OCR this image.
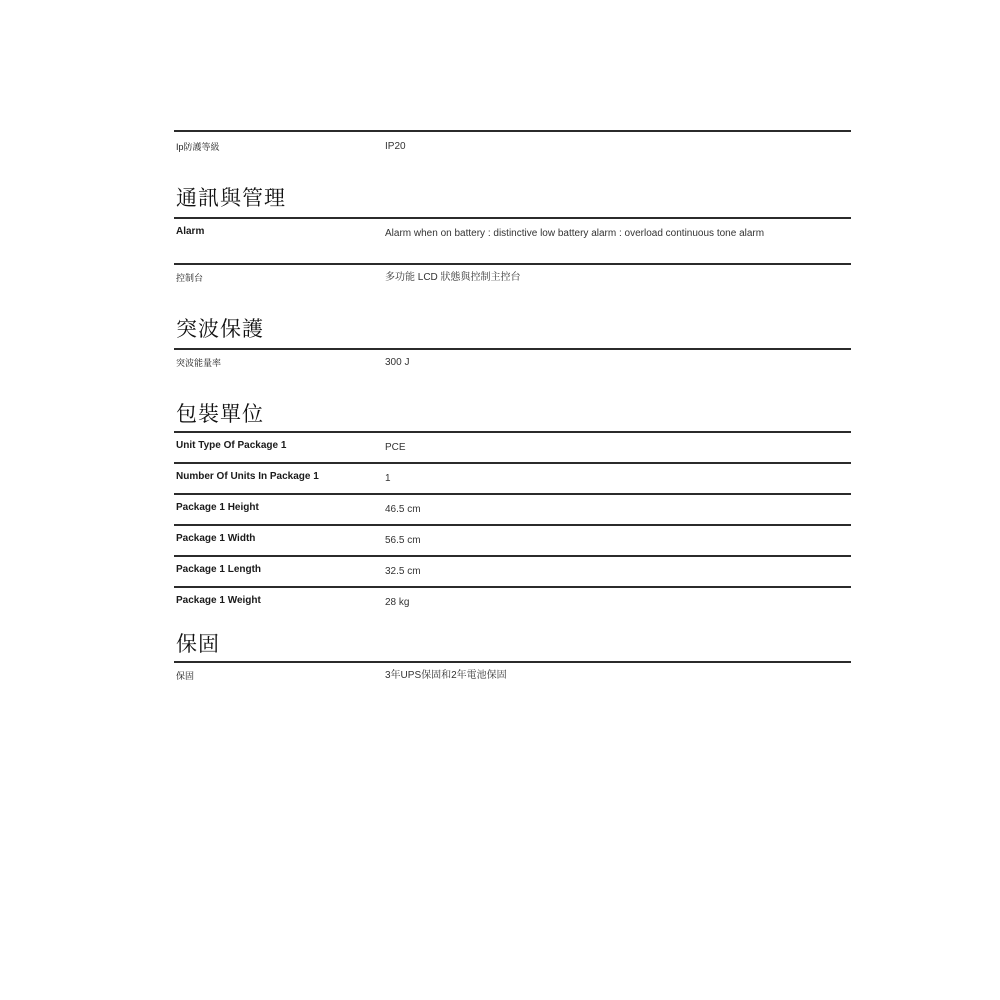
Ip防護等級	IP20
通訊與管理
Alarm	Alarm when on battery : distinctive low battery alarm : overload continuous tone alarm
控制台	多功能 LCD 狀態與控制主控台
突波保護
突波能量率	300 J
包裝單位
Unit Type Of Package 1	PCE
Number Of Units In Package 1	1
Package 1 Height	46.5 cm
Package 1 Width	56.5 cm
Package 1 Length	32.5 cm
Package 1 Weight	28 kg
保固
保固	3年UPS保固和2年電池保固
